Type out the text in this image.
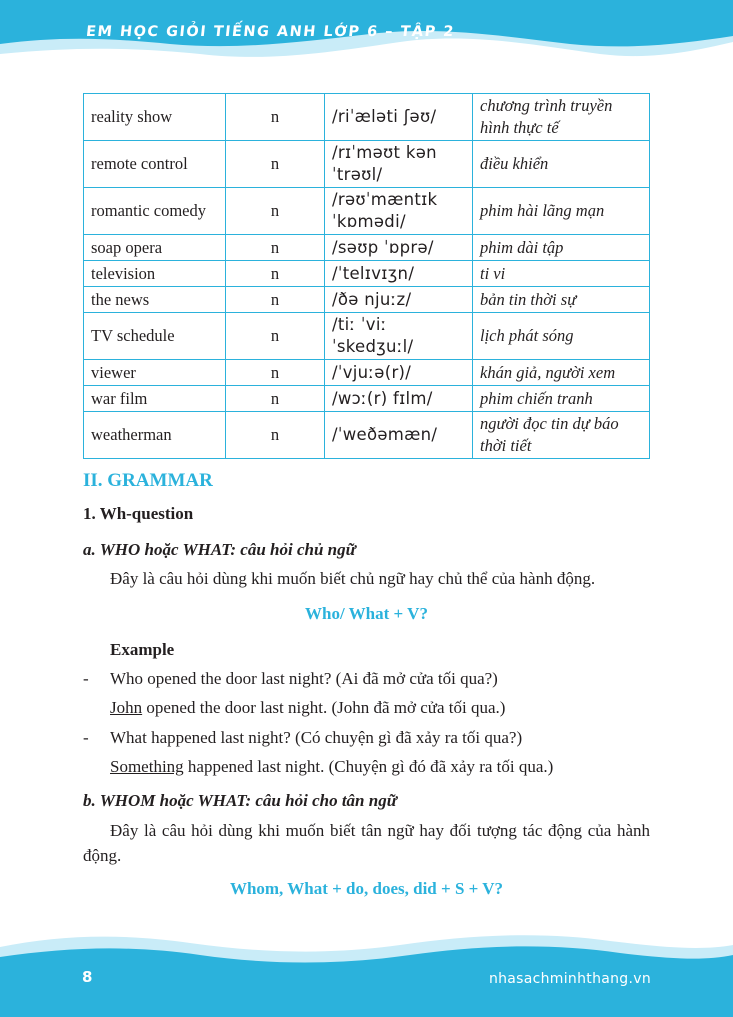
EM HỌC GIỎI TIẾNG ANH LỚP 6 – TẬP 2
reality show	n	/riˈæləti ʃəʊ/	chương trình truyền hình thực tế
remote control	n	/rɪˈməʊt kənˈtrəʊl/	điều khiển
romantic comedy	n	/rəʊˈmæntɪk ˈkɒmədi/	phim hài lãng mạn
soap opera	n	/səʊp ˈɒprə/	phim dài tập
television	n	/ˈtelɪvɪʒn/	ti vi
the news	n	/ðə njuːz/	bản tin thời sự
TV schedule	n	/tiː ˈviː ˈskedʒuːl/	lịch phát sóng
viewer	n	/ˈvjuːə(r)/	khán giả, người xem
war film	n	/wɔː(r) fɪlm/	phim chiến tranh
weatherman	n	/ˈweðəmæn/	người đọc tin dự báo thời tiết
II. GRAMMAR
1. Wh-question
a. WHO hoặc WHAT: câu hỏi chủ ngữ
Đây là câu hỏi dùng khi muốn biết chủ ngữ hay chủ thể của hành động.
Who/ What + V?
Example
- Who opened the door last night? (Ai đã mở cửa tối qua?)
John opened the door last night. (John đã mở cửa tối qua.)
- What happened last night? (Có chuyện gì đã xảy ra tối qua?)
Something happened last night. (Chuyện gì đó đã xảy ra tối qua.)
b. WHOM hoặc WHAT: câu hỏi cho tân ngữ
Đây là câu hỏi dùng khi muốn biết tân ngữ hay đối tượng tác động của hành động.
Whom, What + do, does, did + S + V?
8	nhasachminhthang.vn
